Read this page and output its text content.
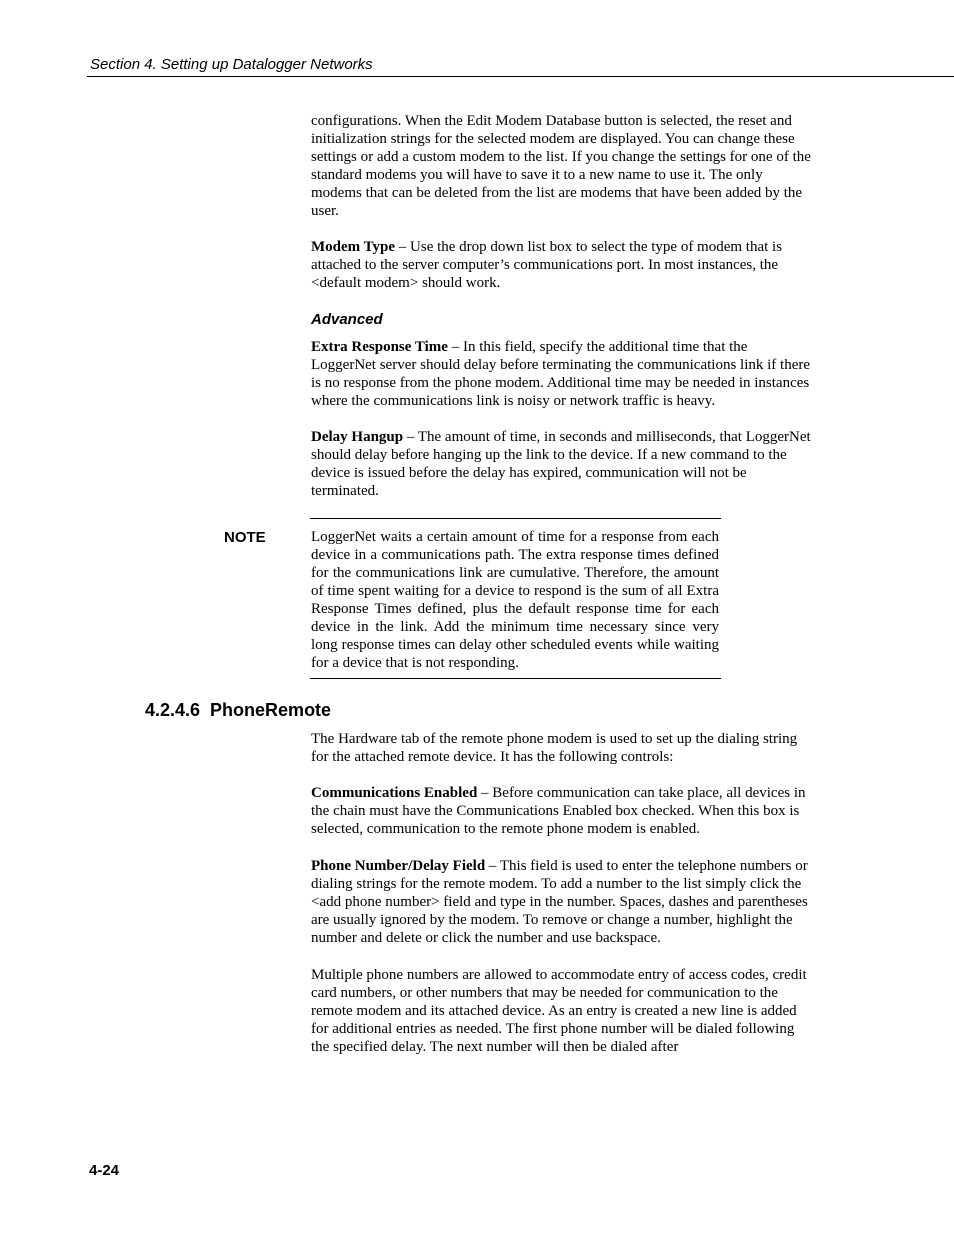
Section 4. Setting up Datalogger Networks

configurations. When the Edit Modem Database button is selected, the reset and initialization strings for the selected modem are displayed. You can change these settings or add a custom modem to the list. If you change the settings for one of the standard modems you will have to save it to a new name to use it. The only modems that can be deleted from the list are modems that have been added by the user.

Modem Type – Use the drop down list box to select the type of modem that is attached to the server computer’s communications port. In most instances, the <default modem> should work.

Advanced

Extra Response Time – In this field, specify the additional time that the LoggerNet server should delay before terminating the communications link if there is no response from the phone modem. Additional time may be needed in instances where the communications link is noisy or network traffic is heavy.

Delay Hangup – The amount of time, in seconds and milliseconds, that LoggerNet should delay before hanging up the link to the device. If a new command to the device is issued before the delay has expired, communication will not be terminated.

NOTE	LoggerNet waits a certain amount of time for a response from each device in a communications path. The extra response times defined for the communications link are cumulative. Therefore, the amount of time spent waiting for a device to respond is the sum of all Extra Response Times defined, plus the default response time for each device in the link. Add the minimum time necessary since very long response times can delay other scheduled events while waiting for a device that is not responding.
4.2.4.6 PhoneRemote

The Hardware tab of the remote phone modem is used to set up the dialing string for the attached remote device. It has the following controls:

Communications Enabled – Before communication can take place, all devices in the chain must have the Communications Enabled box checked. When this box is selected, communication to the remote phone modem is enabled.

Phone Number/Delay Field – This field is used to enter the telephone numbers or dialing strings for the remote modem. To add a number to the list simply click the <add phone number> field and type in the number. Spaces, dashes and parentheses are usually ignored by the modem. To remove or change a number, highlight the number and delete or click the number and use backspace.

Multiple phone numbers are allowed to accommodate entry of access codes, credit card numbers, or other numbers that may be needed for communication to the remote modem and its attached device. As an entry is created a new line is added for additional entries as needed. The first phone number will be dialed following the specified delay. The next number will then be dialed after

4-24
